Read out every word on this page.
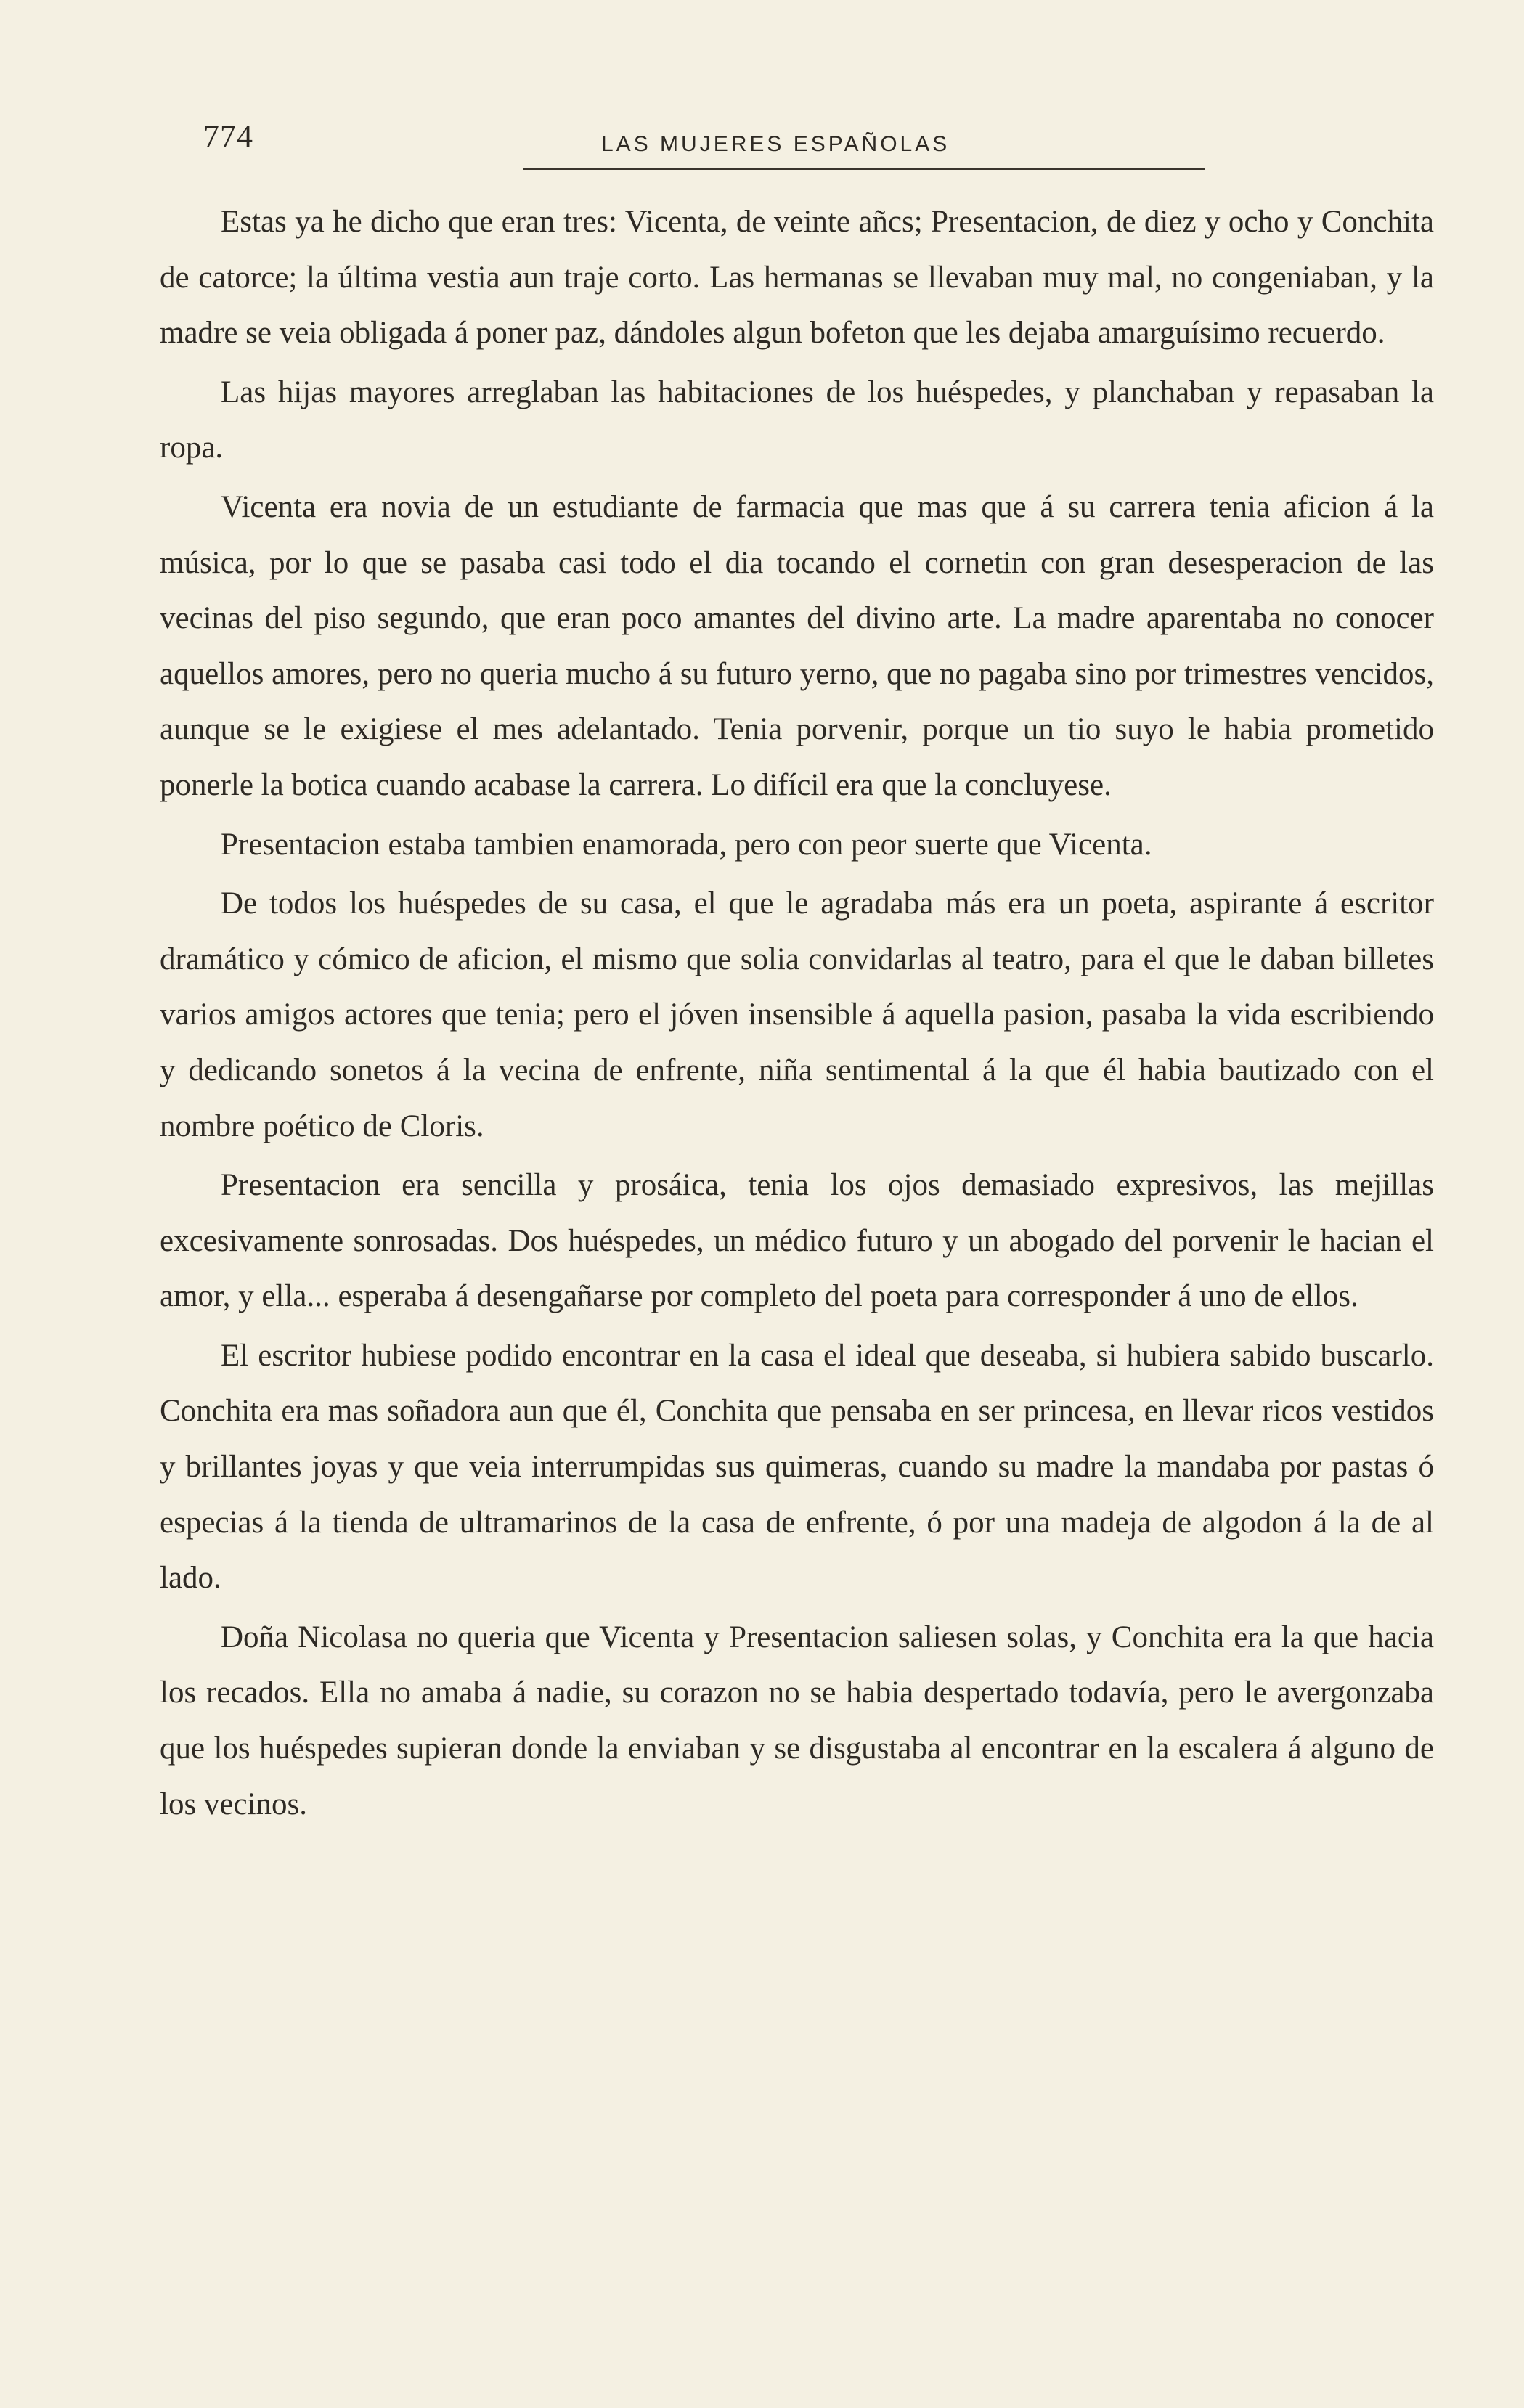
774	LAS MUJERES ESPAÑOLAS

Estas ya he dicho que eran tres: Vicenta, de veinte añcs; Presentacion, de diez y ocho y Conchita de catorce; la última vestia aun traje corto. Las hermanas se llevaban muy mal, no congeniaban, y la madre se veia obligada á poner paz, dándoles algun bofeton que les dejaba amarguísimo recuerdo.

Las hijas mayores arreglaban las habitaciones de los huéspedes, y planchaban y repasaban la ropa.

Vicenta era novia de un estudiante de farmacia que mas que á su carrera tenia aficion á la música, por lo que se pasaba casi todo el dia tocando el cornetin con gran desesperacion de las vecinas del piso segundo, que eran poco amantes del divino arte. La madre aparentaba no conocer aquellos amores, pero no queria mucho á su futuro yerno, que no pagaba sino por trimestres vencidos, aunque se le exigiese el mes adelantado. Tenia porvenir, porque un tio suyo le habia prometido ponerle la botica cuando acabase la carrera. Lo difícil era que la concluyese.

Presentacion estaba tambien enamorada, pero con peor suerte que Vicenta.

De todos los huéspedes de su casa, el que le agradaba más era un poeta, aspirante á escritor dramático y cómico de aficion, el mismo que solia convidarlas al teatro, para el que le daban billetes varios amigos actores que tenia; pero el jóven insensible á aquella pasion, pasaba la vida escribiendo y dedicando sonetos á la vecina de enfrente, niña sentimental á la que él habia bautizado con el nombre poético de Cloris.

Presentacion era sencilla y prosáica, tenia los ojos demasiado expresivos, las mejillas excesivamente sonrosadas. Dos huéspedes, un médico futuro y un abogado del porvenir le hacian el amor, y ella... esperaba á desengañarse por completo del poeta para corresponder á uno de ellos.

El escritor hubiese podido encontrar en la casa el ideal que deseaba, si hubiera sabido buscarlo. Conchita era mas soñadora aun que él, Conchita que pensaba en ser princesa, en llevar ricos vestidos y brillantes joyas y que veia interrumpidas sus quimeras, cuando su madre la mandaba por pastas ó especias á la tienda de ultramarinos de la casa de enfrente, ó por una madeja de algodon á la de al lado.

Doña Nicolasa no queria que Vicenta y Presentacion saliesen solas, y Conchita era la que hacia los recados. Ella no amaba á nadie, su corazon no se habia despertado todavía, pero le avergonzaba que los huéspedes supieran donde la enviaban y se disgustaba al encontrar en la escalera á alguno de los vecinos.
